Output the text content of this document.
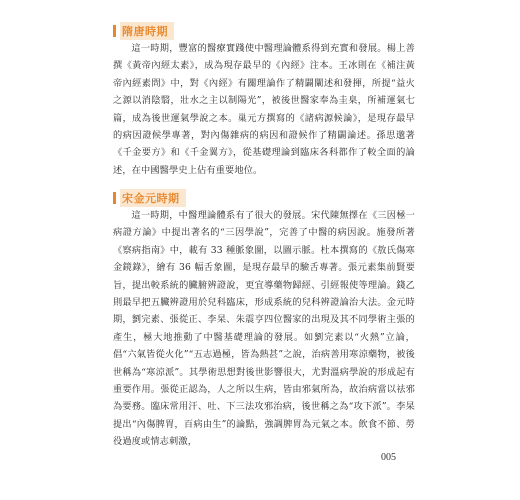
隋唐時期

這一時期，豐富的醫療實踐使中醫理論體系得到充實和發展。楊上善撰《黃帝內經太素》，成為現存最早的《內經》注本。王冰則在《補注黃帝內經素問》中，對《內經》有關理論作了精闢闡述和發揮，所提“益火之源以消陰翳，壯水之主以制陽光”，被後世醫家奉為圭臬，所補運氣七篇，成為後世運氣學說之本。巢元方撰寫的《諸病源候論》，是現存最早的病因證候學專著，對內傷雜病的病因和證候作了精闢論述。孫思邈著《千金要方》和《千金翼方》，從基礎理論到臨床各科都作了較全面的論述，在中國醫學史上佔有重要地位。

宋金元時期

這一時期，中醫理論體系有了很大的發展。宋代陳無擇在《三因極一病證方論》中提出著名的“三因學說”，完善了中醫的病因說。施發所著《察病指南》中，載有 33 種脈象圖，以圖示脈。杜本撰寫的《敖氏傷寒金鏡錄》，繪有 36 幅舌象圖，是現存最早的驗舌專著。張元素集前賢要旨，提出較系統的臟腑辨證說，更宜導藥物歸經、引經報使等理論。錢乙則最早把五臟辨證用於兒科臨床，形成系統的兒科辨證論治大法。金元時期，劉完素、張從正、李杲、朱震亨四位醫家的出現及其不同學術主張的產生，極大地推動了中醫基礎理論的發展。如劉完素以“火熱”立論，倡“六氣皆從火化”“五志過極，皆為熱甚”之說，治病善用寒涼藥物，被後世稱為“寒涼派”。其學術思想對後世影響很大，尤對溫病學說的形成起有重要作用。張從正認為，人之所以生病，皆由邪氣所為，故治病當以祛邪為要務。臨床常用汗、吐、下三法攻邪治病，後世稱之為“攻下派”。李杲提出“內傷脾胃，百病由生”的論點，強調脾胃為元氣之本。飲食不節、勞役過度或情志刺激，

005
